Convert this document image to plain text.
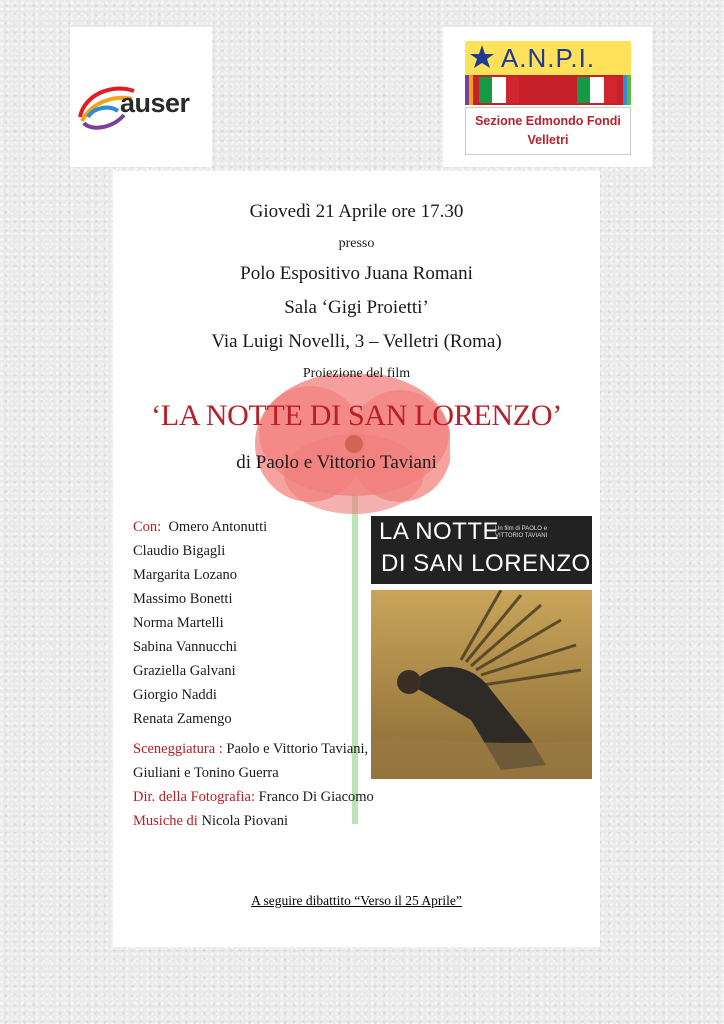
auser
A.N.P.I.
Sezione Edmondo Fondi
Velletri
Giovedì 21 Aprile ore 17.30
presso
Polo Espositivo Juana Romani
Sala ‘Gigi Proietti’
Via Luigi Novelli, 3 – Velletri (Roma)
Proiezione del film
‘LA NOTTE DI SAN LORENZO’
di Paolo e Vittorio Taviani
Con: Omero Antonutti
Claudio Bigagli
Margarita Lozano
Massimo Bonetti
Norma Martelli
Sabina Vannucchi
Graziella Galvani
Giorgio Naddi
Renata Zamengo
Sceneggiatura : Paolo e Vittorio Taviani,
Giuliani e Tonino Guerra
Dir. della Fotografia: Franco Di Giacomo
Musiche di Nicola Piovani
LA NOTTE
Un film di PAOLO e VITTORIO TAVIANI
DI SAN LORENZO
A seguire dibattito “Verso il 25 Aprile”
